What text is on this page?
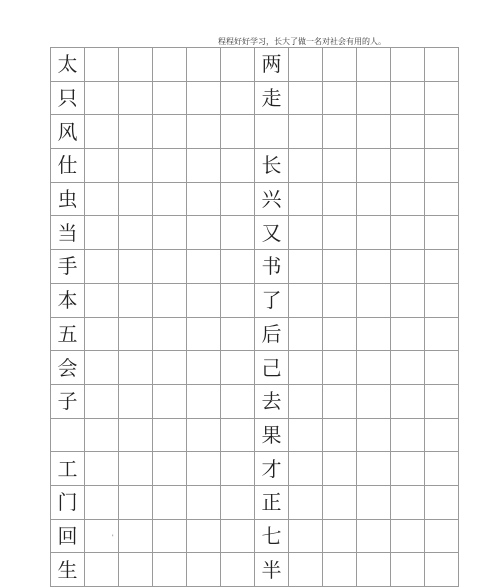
程程好好学习，长大了做一名对社会有用的人。
太						两					
只						走					
风											
仕						长					
虫						兴					
当						又					
手						书					
本						了					
五						后					
会						己					
子						去					
						果					
工						才					
门						正					
回						七					
生						半					
'
